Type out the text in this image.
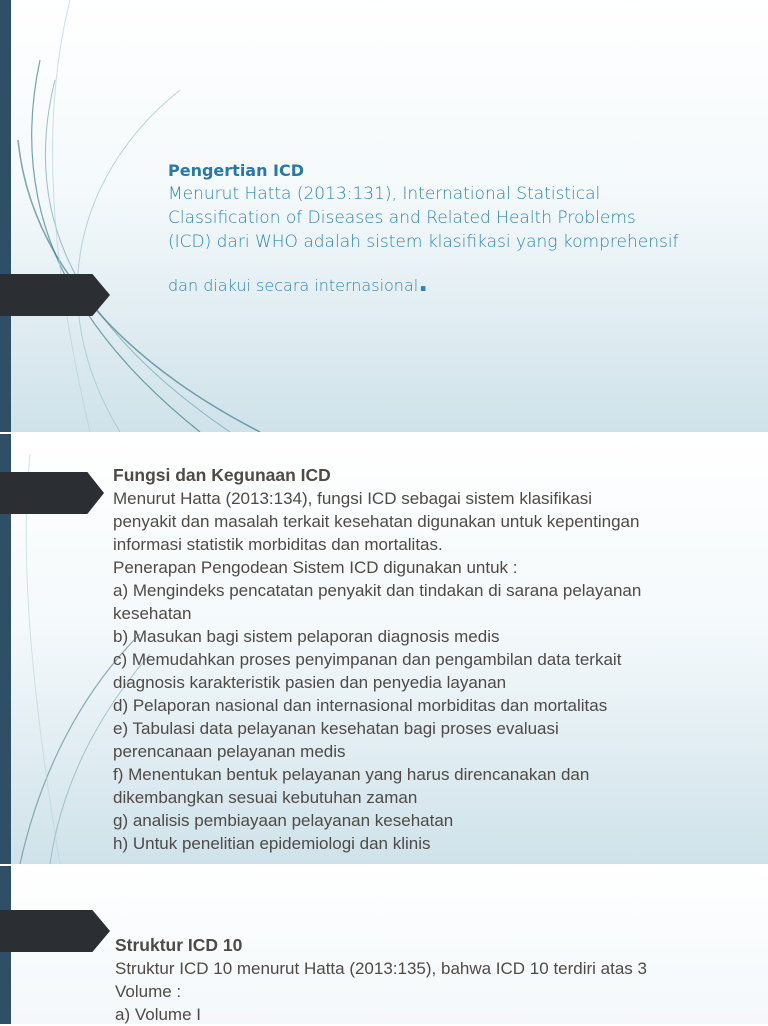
Pengertian ICD

Menurut Hatta (2013:131), International Statistical

Classification of Diseases and Related Health Problems

(ICD) dari WHO adalah sistem klasifikasi yang komprehensif

dan diakui secara internasional.

Fungsi dan Kegunaan ICD
Menurut Hatta (2013:134), fungsi ICD sebagai sistem klasifikasi
penyakit dan masalah terkait kesehatan digunakan untuk kepentingan
informasi statistik morbiditas dan mortalitas.
Penerapan Pengodean Sistem ICD digunakan untuk :
a) Mengindeks pencatatan penyakit dan tindakan di sarana pelayanan
kesehatan
b) Masukan bagi sistem pelaporan diagnosis medis
c) Memudahkan proses penyimpanan dan pengambilan data terkait
diagnosis karakteristik pasien dan penyedia layanan
d) Pelaporan nasional dan internasional morbiditas dan mortalitas
e) Tabulasi data pelayanan kesehatan bagi proses evaluasi
perencanaan pelayanan medis
f) Menentukan bentuk pelayanan yang harus direncanakan dan
dikembangkan sesuai kebutuhan zaman
g) analisis pembiayaan pelayanan kesehatan
h) Untuk penelitian epidemiologi dan klinis
Struktur ICD 10
Struktur ICD 10 menurut Hatta (2013:135), bahwa ICD 10 terdiri atas 3
Volume :
a) Volume I
